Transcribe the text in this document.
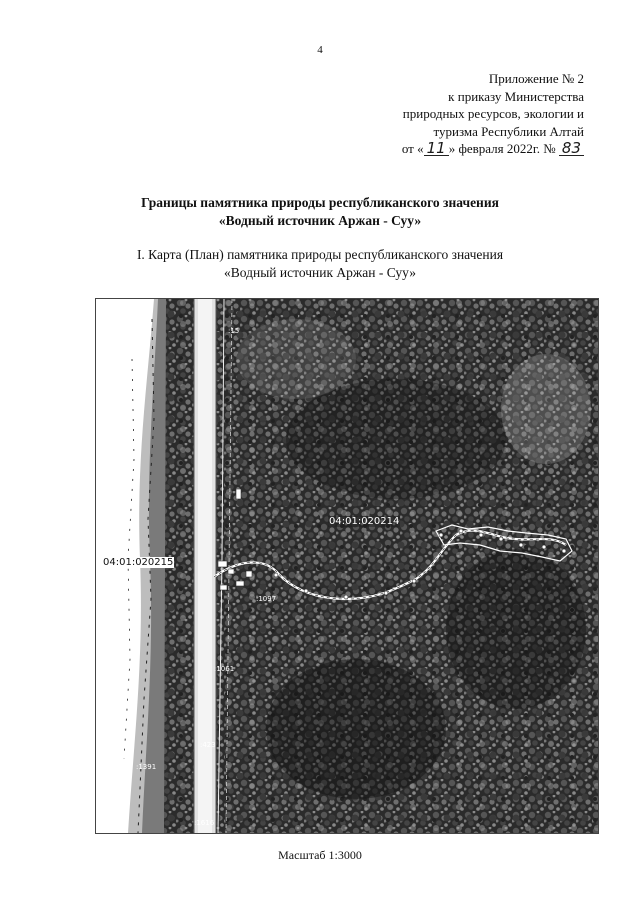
4
Приложение № 2
к приказу Министерства
природных ресурсов, экологии и
туризма Республики Алтай
от « 11 » февраля 2022г. № 83
Границы памятника природы республиканского значения
«Водный источник Аржан - Суу»
I. Карта (План) памятника природы республиканского значения
«Водный источник Аржан - Суу»
:15
:1061
:423
:1391
:1616
:1097
04:01:020214
04:01:020215
Масштаб 1:3000
